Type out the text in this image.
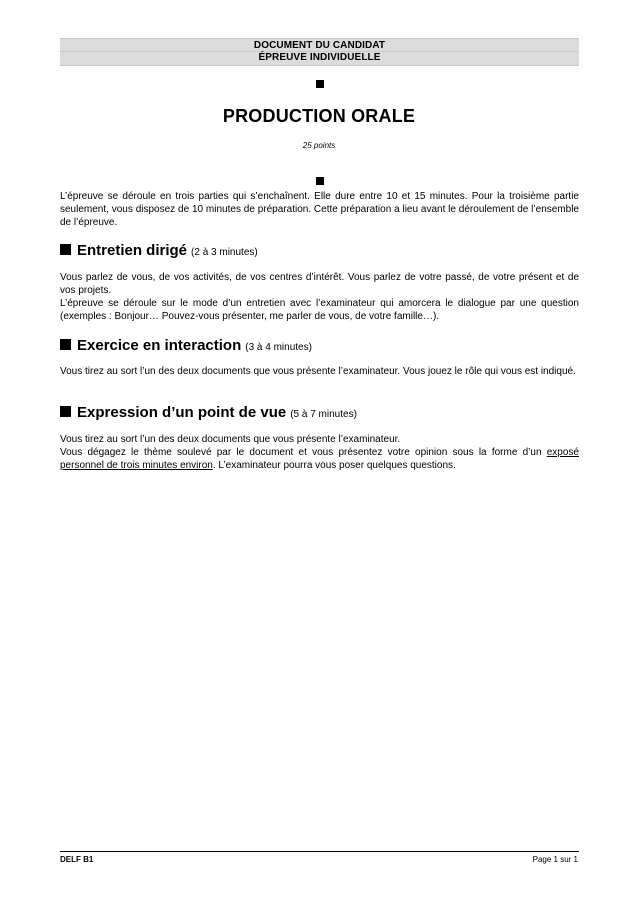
DOCUMENT DU CANDIDAT
ÉPREUVE INDIVIDUELLE
PRODUCTION ORALE
25 points
L’épreuve se déroule en trois parties qui s’enchaînent. Elle dure entre 10 et 15 minutes. Pour la troisième partie seulement, vous disposez de 10 minutes de préparation. Cette préparation a lieu avant le déroulement de l’ensemble de l’épreuve.
Entretien dirigé (2 à 3 minutes)
Vous parlez de vous, de vos activités, de vos centres d’intérêt. Vous parlez de votre passé, de votre présent et de vos projets.
L’épreuve se déroule sur le mode d’un entretien avec l’examinateur qui amorcera le dialogue par une question (exemples : Bonjour… Pouvez-vous présenter, me parler de vous, de votre famille…).
Exercice en interaction (3 à 4 minutes)
Vous tirez au sort l’un des deux documents que vous présente l’examinateur. Vous jouez le rôle qui vous est indiqué.
Expression d’un point de vue (5 à 7 minutes)
Vous tirez au sort l’un des deux documents que vous présente l’examinateur.
Vous dégagez le thème soulevé par le document et vous présentez votre opinion sous la forme d’un exposé personnel de trois minutes environ. L’examinateur pourra vous poser quelques questions.
DELF B1	Page 1 sur 1
